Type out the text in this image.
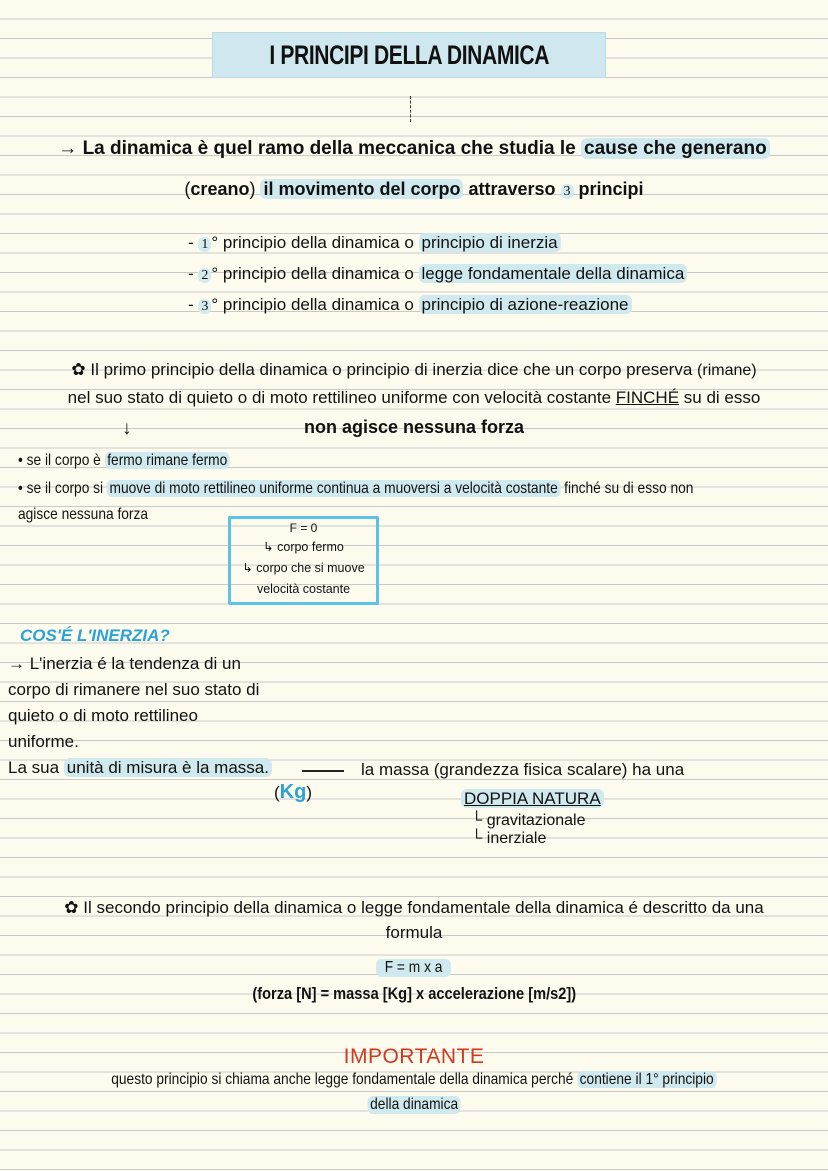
I PRINCIPI DELLA DINAMICA
→ La dinamica è quel ramo della meccanica che studia le cause che generano
(creano) il movimento del corpo attraverso 3 principi
- 1 ° principio della dinamica o principio di inerzia
- 2 ° principio della dinamica o legge fondamentale della dinamica
- 3 ° principio della dinamica o principio di azione-reazione
✿ Il primo principio della dinamica o principio di inerzia dice che un corpo preserva (rimane)
nel suo stato di quieto o di moto rettilineo uniforme con velocità costante FINCHÉ su di esso
↓	non agisce nessuna forza
• se il corpo è fermo rimane fermo
• se il corpo si muove di moto rettilineo uniforme continua a muoversi a velocità costante finché su di esso non
agisce nessuna forza
F = 0
↳ corpo fermo
↳ corpo che si muove
velocità costante
COS'É L'INERZIA?
→ L'inerzia é la tendenza di un
corpo di rimanere nel suo stato di
quieto o di moto rettilineo
uniforme.
La sua unità di misura è la massa.
(Kg)
la massa (grandezza fisica scalare) ha una
DOPPIA NATURA
└ gravitazionale
└ inerziale
✿ Il secondo principio della dinamica o legge fondamentale della dinamica é descritto da una
formula
F = m x a
(forza [N] = massa [Kg] x accelerazione [m/s2])
IMPORTANTE
questo principio si chiama anche legge fondamentale della dinamica perché contiene il 1° principio
della dinamica
